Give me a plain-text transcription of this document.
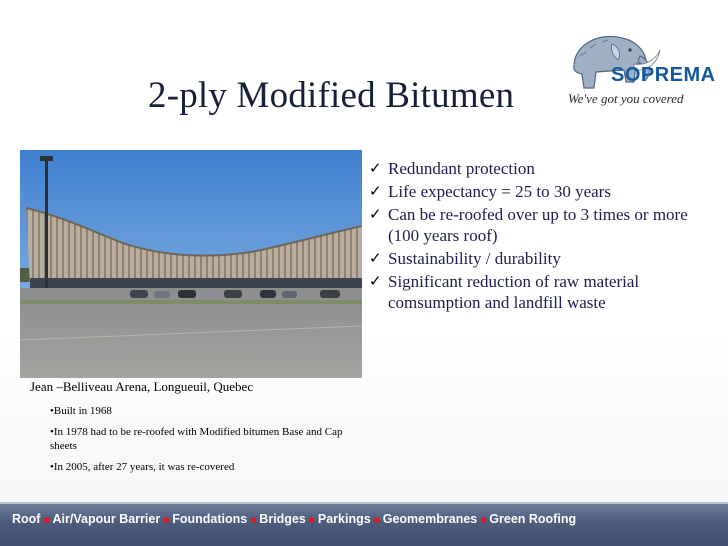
2-ply Modified Bitumen	SOPREMA
We've got you covered
✓ Redundant protection
✓ Life expectancy = 25 to 30 years
✓ Can be re-roofed over up to 3 times or more (100 years roof)
✓ Sustainability / durability
✓ Significant reduction of raw material comsumption and landfill waste
Jean –Belliveau Arena, Longueuil, Quebec
•Built in 1968
•In 1978 had to be re-roofed with Modified bitumen Base and Cap sheets
•In 2005, after 27 years, it was re-covered
Roof ■ Air/Vapour Barrier ■ Foundations ■ Bridges ■ Parkings ■ Geomembranes ■ Green Roofing
